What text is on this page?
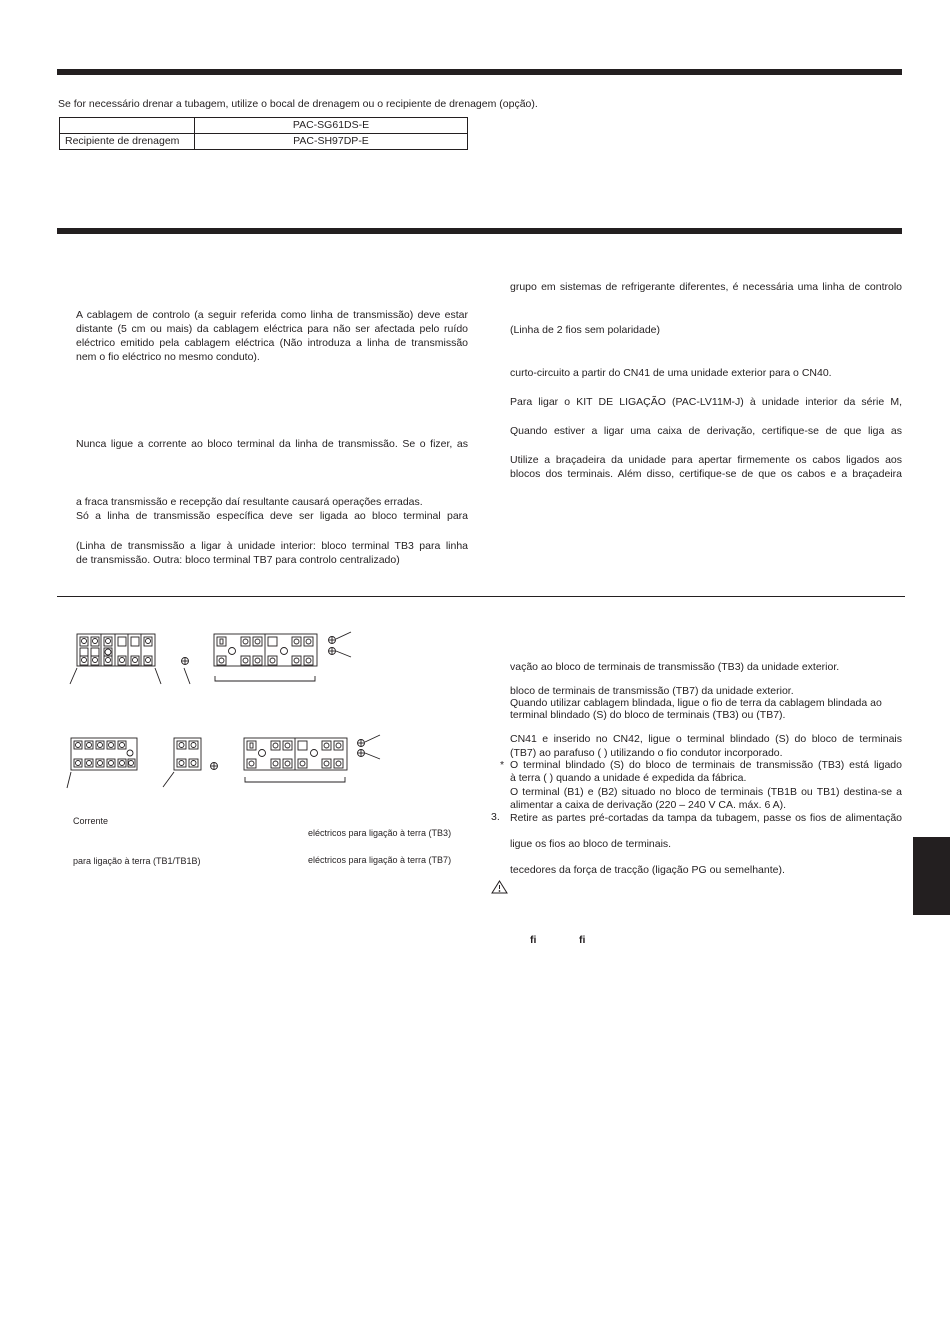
Se for necessário drenar a tubagem, utilize o bocal de drenagem ou o recipiente de drenagem (opção).
	PAC-SG61DS-E
Recipiente de drenagem	PAC-SH97DP-E
A cablagem de controlo (a seguir referida como linha de transmissão) deve estar
distante (5 cm ou mais) da cablagem eléctrica para não ser afectada pelo ruído
eléctrico emitido pela cablagem eléctrica (Não introduza a linha de transmissão
nem o fio eléctrico no mesmo conduto).
Nunca ligue a corrente ao bloco terminal da linha de transmissão. Se o fizer, as
a fraca transmissão e recepção daí resultante causará operações erradas.
Só a linha de transmissão específica deve ser ligada ao bloco terminal para
(Linha de transmissão a ligar à unidade interior: bloco terminal TB3 para linha
de transmissão. Outra: bloco terminal TB7 para controlo centralizado)
grupo em sistemas de refrigerante diferentes, é necessária uma linha de controlo
(Linha de 2 fios sem polaridade)
curto-circuito a partir do CN41 de uma unidade exterior para o CN40.
Para ligar o KIT DE LIGAÇÃO (PAC-LV11M-J) à unidade interior da série M,
Quando estiver a ligar uma caixa de derivação, certifique-se de que liga as
Utilize a braçadeira da unidade para apertar firmemente os cabos ligados aos
blocos dos terminais. Além disso, certifique-se de que os cabos e a braçadeira
vação ao bloco de terminais de transmissão (TB3) da unidade exterior.
bloco de terminais de transmissão (TB7) da unidade exterior.
Quando utilizar cablagem blindada, ligue o fio de terra da cablagem blindada ao
terminal blindado (S) do bloco de terminais (TB3) ou (TB7).
CN41 e inserido no CN42, ligue o terminal blindado (S) do bloco de terminais
(TB7) ao parafuso ( ) utilizando o fio condutor incorporado.
* O terminal blindado (S) do bloco de terminais de transmissão (TB3) está ligado
à terra ( ) quando a unidade é expedida da fábrica.
O terminal (B1) e (B2) situado no bloco de terminais (TB1B ou TB1) destina-se a
alimentar a caixa de derivação (220 – 240 V CA. máx. 6 A).
3. Retire as partes pré-cortadas da tampa da tubagem, passe os fios de alimentação
ligue os fios ao bloco de terminais.
tecedores da força de tracção (ligação PG ou semelhante).
fi	fi
Corrente
para ligação à terra (TB1/TB1B)
eléctricos para ligação à terra (TB3)
eléctricos para ligação à terra (TB7)
